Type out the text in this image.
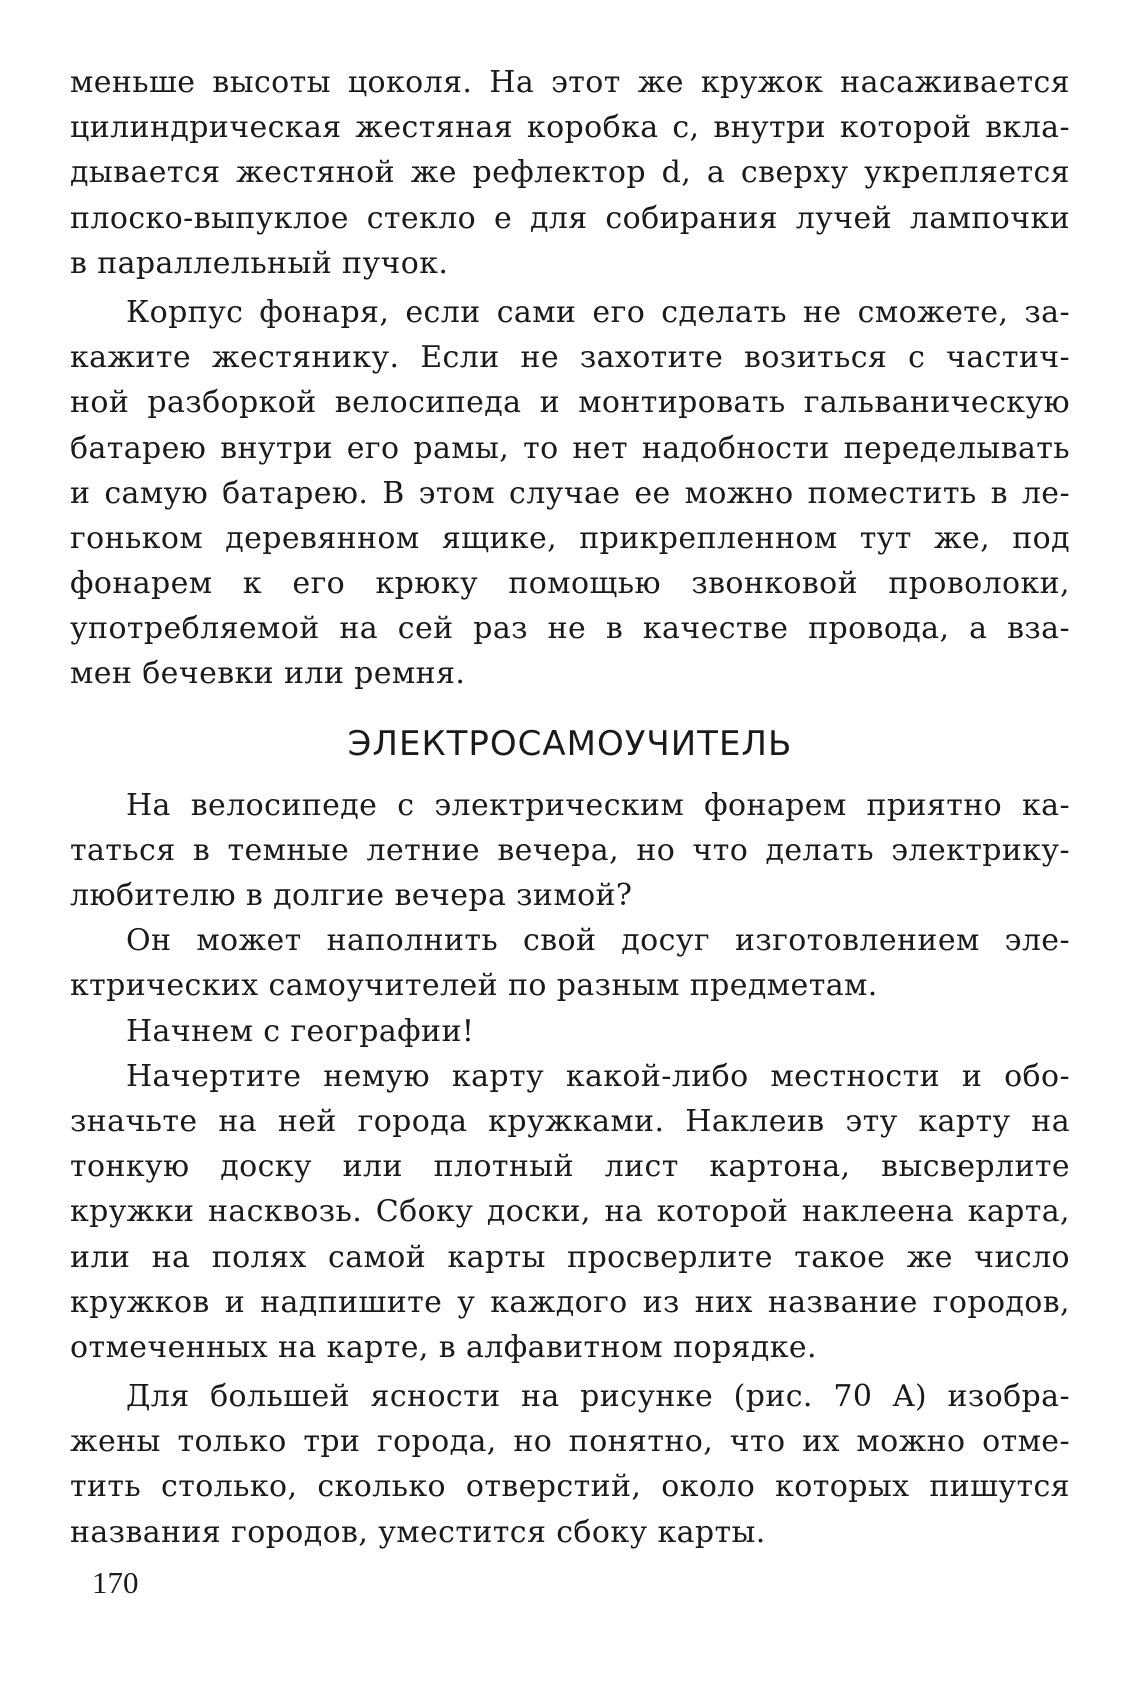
меньше высоты цоколя. На этот же кружок насаживается
цилиндрическая жестяная коробка c, внутри которой вкла-
дывается жестяной же рефлектор d, а сверху укрепляется
плоско-выпуклое стекло e для собирания лучей лампочки
в параллельный пучок.
Корпус фонаря, если сами его сделать не сможете, за-
кажите жестянику. Если не захотите возиться с частич-
ной разборкой велосипеда и монтировать гальваническую
батарею внутри его рамы, то нет надобности переделывать
и самую батарею. В этом случае ее можно поместить в ле-
гоньком деревянном ящике, прикрепленном тут же, под
фонарем к его крюку помощью звонковой проволоки,
употребляемой на сей раз не в качестве провода, а вза-
мен бечевки или ремня.
ЭЛЕКТРОСАМОУЧИТЕЛЬ
На велосипеде с электрическим фонарем приятно ка-
таться в темные летние вечера, но что делать электрику-
любителю в долгие вечера зимой?
Он может наполнить свой досуг изготовлением эле-
ктрических самоучителей по разным предметам.
Начнем с географии!
Начертите немую карту какой-либо местности и обо-
значьте на ней города кружками. Наклеив эту карту на
тонкую доску или плотный лист картона, высверлите
кружки насквозь. Сбоку доски, на которой наклеена карта,
или на полях самой карты просверлите такое же число
кружков и надпишите у каждого из них название городов,
отмеченных на карте, в алфавитном порядке.
Для большей ясности на рисунке (рис. 70 A) изобра-
жены только три города, но понятно, что их можно отме-
тить столько, сколько отверстий, около которых пишутся
названия городов, уместится сбоку карты.
170
